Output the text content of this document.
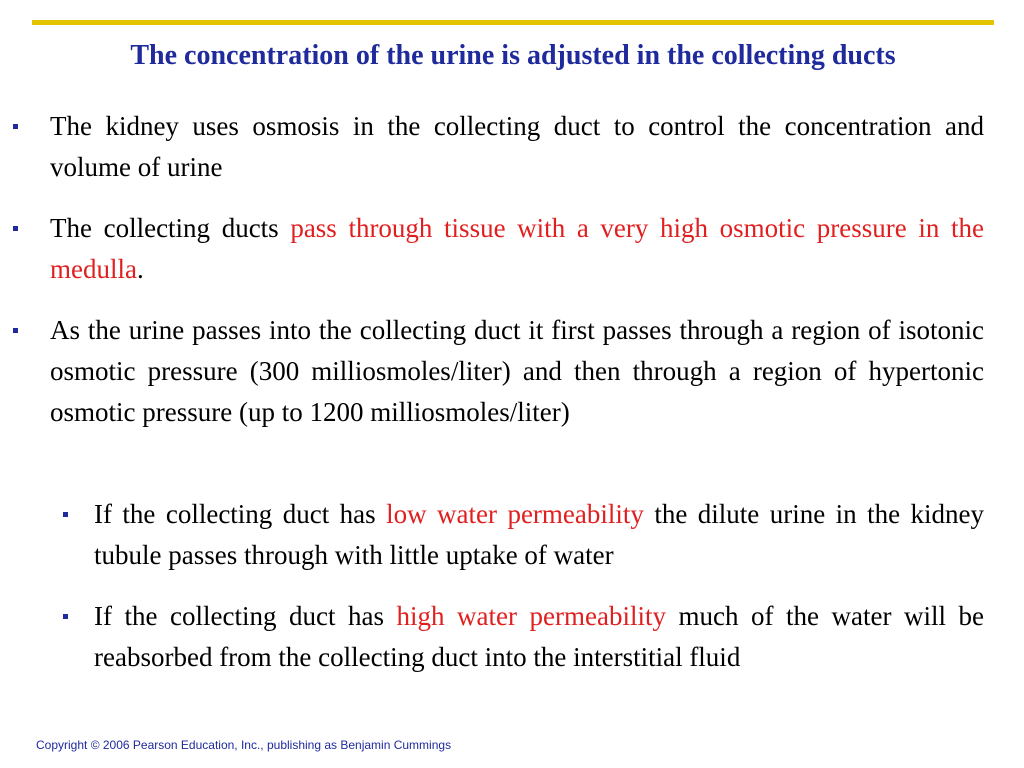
The concentration of the urine is adjusted in the collecting ducts
The kidney uses osmosis in the collecting duct to control the concentration and volume of urine
The collecting ducts pass through tissue with a very high osmotic pressure in the medulla.
As the urine passes into the collecting duct it first passes through a region of isotonic osmotic pressure (300 milliosmoles/liter) and then through a region of hypertonic osmotic pressure (up to 1200 milliosmoles/liter)
If the collecting duct has low water permeability the dilute urine in the kidney tubule passes through with little uptake of water
If the collecting duct has high water permeability much of the water will be reabsorbed from the collecting duct into the interstitial fluid
Copyright © 2006 Pearson Education, Inc., publishing as Benjamin Cummings
